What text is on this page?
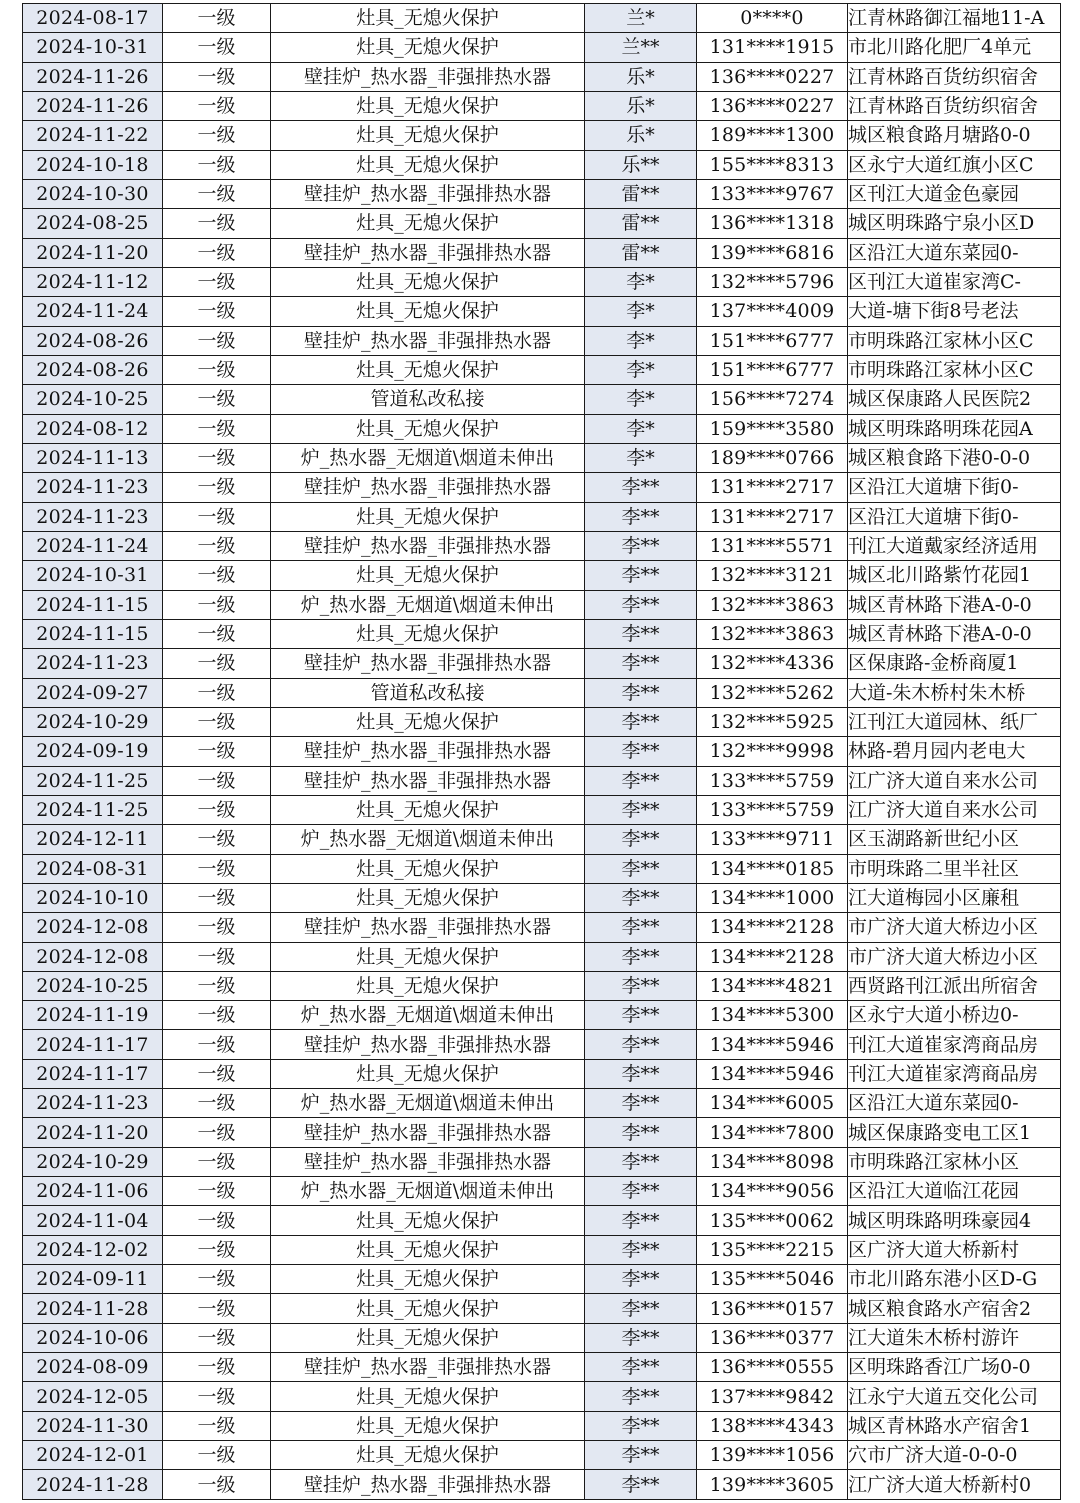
2024-08-17	一级	灶具_无熄火保护	兰*	0****0	江青林路御江福地11-A
2024-10-31	一级	灶具_无熄火保护	兰**	131****1915	市北川路化肥厂4单元
2024-11-26	一级	壁挂炉_热水器_非强排热水器	乐*	136****0227	江青林路百货纺织宿舍
2024-11-26	一级	灶具_无熄火保护	乐*	136****0227	江青林路百货纺织宿舍
2024-11-22	一级	灶具_无熄火保护	乐*	189****1300	城区粮食路月塘路0-0
2024-10-18	一级	灶具_无熄火保护	乐**	155****8313	区永宁大道红旗小区C
2024-10-30	一级	壁挂炉_热水器_非强排热水器	雷**	133****9767	区刊江大道金色豪园
2024-08-25	一级	灶具_无熄火保护	雷**	136****1318	城区明珠路宁泉小区D
2024-11-20	一级	壁挂炉_热水器_非强排热水器	雷**	139****6816	区沿江大道东菜园0-
2024-11-12	一级	灶具_无熄火保护	李*	132****5796	区刊江大道崔家湾C-
2024-11-24	一级	灶具_无熄火保护	李*	137****4009	大道-塘下街8号老法
2024-08-26	一级	壁挂炉_热水器_非强排热水器	李*	151****6777	市明珠路江家林小区C
2024-08-26	一级	灶具_无熄火保护	李*	151****6777	市明珠路江家林小区C
2024-10-25	一级	管道私改私接	李*	156****7274	城区保康路人民医院2
2024-08-12	一级	灶具_无熄火保护	李*	159****3580	城区明珠路明珠花园A
2024-11-13	一级	炉_热水器_无烟道\烟道未伸出	李*	189****0766	城区粮食路下港0-0-0
2024-11-23	一级	壁挂炉_热水器_非强排热水器	李**	131****2717	区沿江大道塘下街0-
2024-11-23	一级	灶具_无熄火保护	李**	131****2717	区沿江大道塘下街0-
2024-11-24	一级	壁挂炉_热水器_非强排热水器	李**	131****5571	刊江大道戴家经济适用
2024-10-31	一级	灶具_无熄火保护	李**	132****3121	城区北川路紫竹花园1
2024-11-15	一级	炉_热水器_无烟道\烟道未伸出	李**	132****3863	城区青林路下港A-0-0
2024-11-15	一级	灶具_无熄火保护	李**	132****3863	城区青林路下港A-0-0
2024-11-23	一级	壁挂炉_热水器_非强排热水器	李**	132****4336	区保康路-金桥商厦1
2024-09-27	一级	管道私改私接	李**	132****5262	大道-朱木桥村朱木桥
2024-10-29	一级	灶具_无熄火保护	李**	132****5925	江刊江大道园林、纸厂
2024-09-19	一级	壁挂炉_热水器_非强排热水器	李**	132****9998	林路-碧月园内老电大
2024-11-25	一级	壁挂炉_热水器_非强排热水器	李**	133****5759	江广济大道自来水公司
2024-11-25	一级	灶具_无熄火保护	李**	133****5759	江广济大道自来水公司
2024-12-11	一级	炉_热水器_无烟道\烟道未伸出	李**	133****9711	区玉湖路新世纪小区
2024-08-31	一级	灶具_无熄火保护	李**	134****0185	市明珠路二里半社区
2024-10-10	一级	灶具_无熄火保护	李**	134****1000	江大道梅园小区廉租
2024-12-08	一级	壁挂炉_热水器_非强排热水器	李**	134****2128	市广济大道大桥边小区
2024-12-08	一级	灶具_无熄火保护	李**	134****2128	市广济大道大桥边小区
2024-10-25	一级	灶具_无熄火保护	李**	134****4821	西贤路刊江派出所宿舍
2024-11-19	一级	炉_热水器_无烟道\烟道未伸出	李**	134****5300	区永宁大道小桥边0-
2024-11-17	一级	壁挂炉_热水器_非强排热水器	李**	134****5946	刊江大道崔家湾商品房
2024-11-17	一级	灶具_无熄火保护	李**	134****5946	刊江大道崔家湾商品房
2024-11-23	一级	炉_热水器_无烟道\烟道未伸出	李**	134****6005	区沿江大道东菜园0-
2024-11-20	一级	壁挂炉_热水器_非强排热水器	李**	134****7800	城区保康路变电工区1
2024-10-29	一级	壁挂炉_热水器_非强排热水器	李**	134****8098	市明珠路江家林小区
2024-11-06	一级	炉_热水器_无烟道\烟道未伸出	李**	134****9056	区沿江大道临江花园
2024-11-04	一级	灶具_无熄火保护	李**	135****0062	城区明珠路明珠豪园4
2024-12-02	一级	灶具_无熄火保护	李**	135****2215	区广济大道大桥新村
2024-09-11	一级	灶具_无熄火保护	李**	135****5046	市北川路东港小区D-G
2024-11-28	一级	灶具_无熄火保护	李**	136****0157	城区粮食路水产宿舍2
2024-10-06	一级	灶具_无熄火保护	李**	136****0377	江大道朱木桥村游许
2024-08-09	一级	壁挂炉_热水器_非强排热水器	李**	136****0555	区明珠路香江广场0-0
2024-12-05	一级	灶具_无熄火保护	李**	137****9842	江永宁大道五交化公司
2024-11-30	一级	灶具_无熄火保护	李**	138****4343	城区青林路水产宿舍1
2024-12-01	一级	灶具_无熄火保护	李**	139****1056	穴市广济大道-0-0-0
2024-11-28	一级	壁挂炉_热水器_非强排热水器	李**	139****3605	江广济大道大桥新村0
